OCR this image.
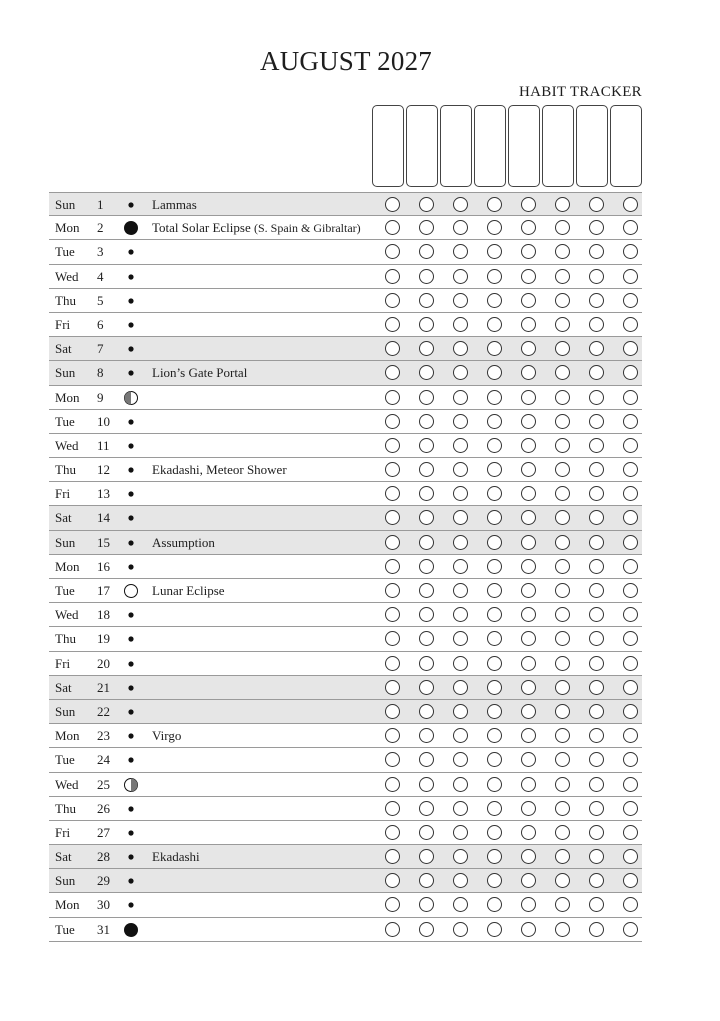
AUGUST 2027
HABIT TRACKER
Sun 1	Lammas
Mon 2	Total Solar Eclipse (S. Spain & Gibraltar)
Tue 3
Wed 4
Thu 5
Fri 6
Sat 7
Sun 8	Lion’s Gate Portal
Mon 9
Tue 10
Wed 11
Thu 12	Ekadashi, Meteor Shower
Fri 13
Sat 14
Sun 15	Assumption
Mon 16
Tue 17	Lunar Eclipse
Wed 18
Thu 19
Fri 20
Sat 21
Sun 22
Mon 23	Virgo
Tue 24
Wed 25
Thu 26
Fri 27
Sat 28	Ekadashi
Sun 29
Mon 30
Tue 31
